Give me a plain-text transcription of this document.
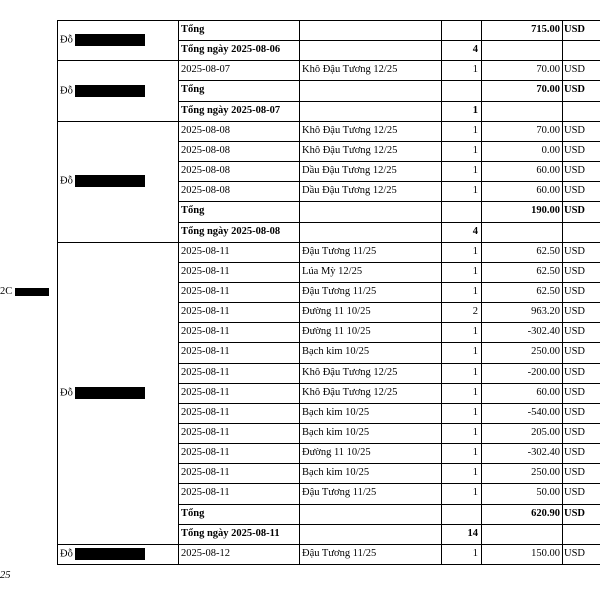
2C
25
Đỗ
Tổng	715.00 USD
Tổng ngày 2025-08-06	4
Đỗ
2025-08-07	Khô Đậu Tương 12/25	1	70.00 USD
Tổng	70.00 USD
Tổng ngày 2025-08-07	1
Đỗ
2025-08-08	Khô Đậu Tương 12/25	1	70.00 USD
2025-08-08	Khô Đậu Tương 12/25	1	0.00 USD
2025-08-08	Dầu Đậu Tương 12/25	1	60.00 USD
2025-08-08	Dầu Đậu Tương 12/25	1	60.00 USD
Tổng	190.00 USD
Tổng ngày 2025-08-08	4
Đỗ
2025-08-11	Đậu Tương 11/25	1	62.50 USD
2025-08-11	Lúa Mỳ 12/25	1	62.50 USD
2025-08-11	Đậu Tương 11/25	1	62.50 USD
2025-08-11	Đường 11 10/25	2	963.20 USD
2025-08-11	Đường 11 10/25	1	-302.40 USD
2025-08-11	Bạch kim 10/25	1	250.00 USD
2025-08-11	Khô Đậu Tương 12/25	1	-200.00 USD
2025-08-11	Khô Đậu Tương 12/25	1	60.00 USD
2025-08-11	Bạch kim 10/25	1	-540.00 USD
2025-08-11	Bạch kim 10/25	1	205.00 USD
2025-08-11	Đường 11 10/25	1	-302.40 USD
2025-08-11	Bạch kim 10/25	1	250.00 USD
2025-08-11	Đậu Tương 11/25	1	50.00 USD
Tổng	620.90 USD
Tổng ngày 2025-08-11	14
Đỗ	2025-08-12	Đậu Tương 11/25	1	150.00 USD
